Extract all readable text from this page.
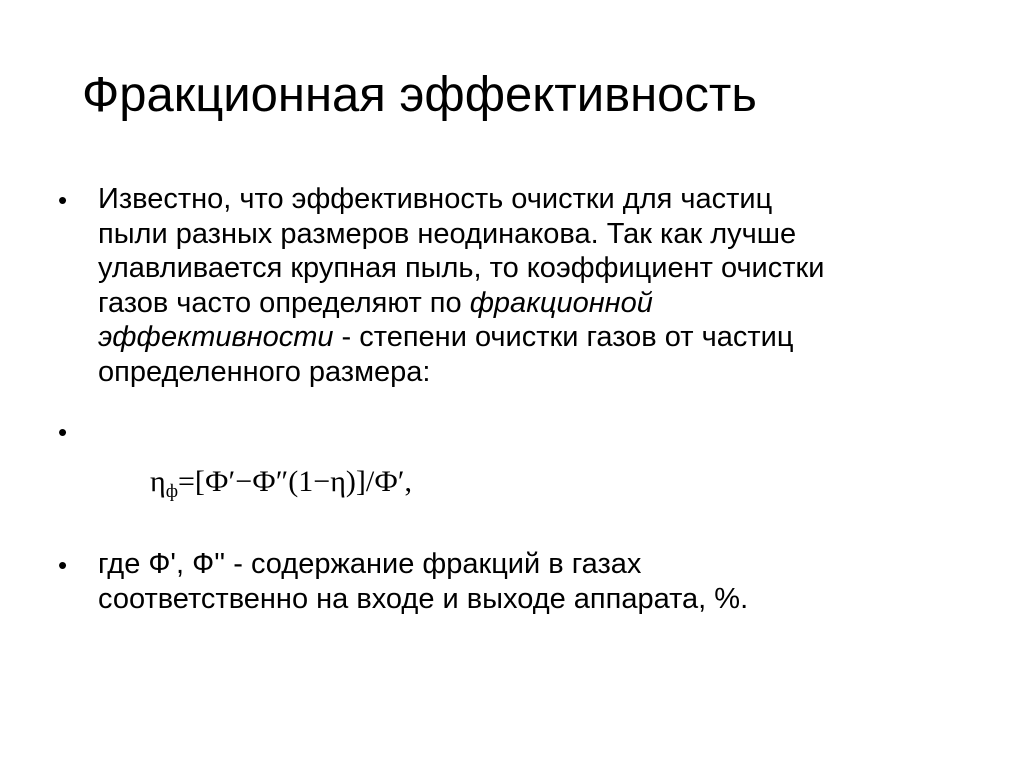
Фракционная эффективность
• Известно, что эффективность очистки для частиц
пыли разных размеров неодинакова. Так как лучше
улавливается крупная пыль, то коэффициент очистки
газов часто определяют по фракционной
эффективности - степени очистки газов от частиц
определенного размера:
•
$\eta_ф=[Ф'-Ф''(1-\eta)]/Ф'$,
• где Ф', Ф'' - содержание фракций в газах
соответственно на входе и выходе аппарата, %.
